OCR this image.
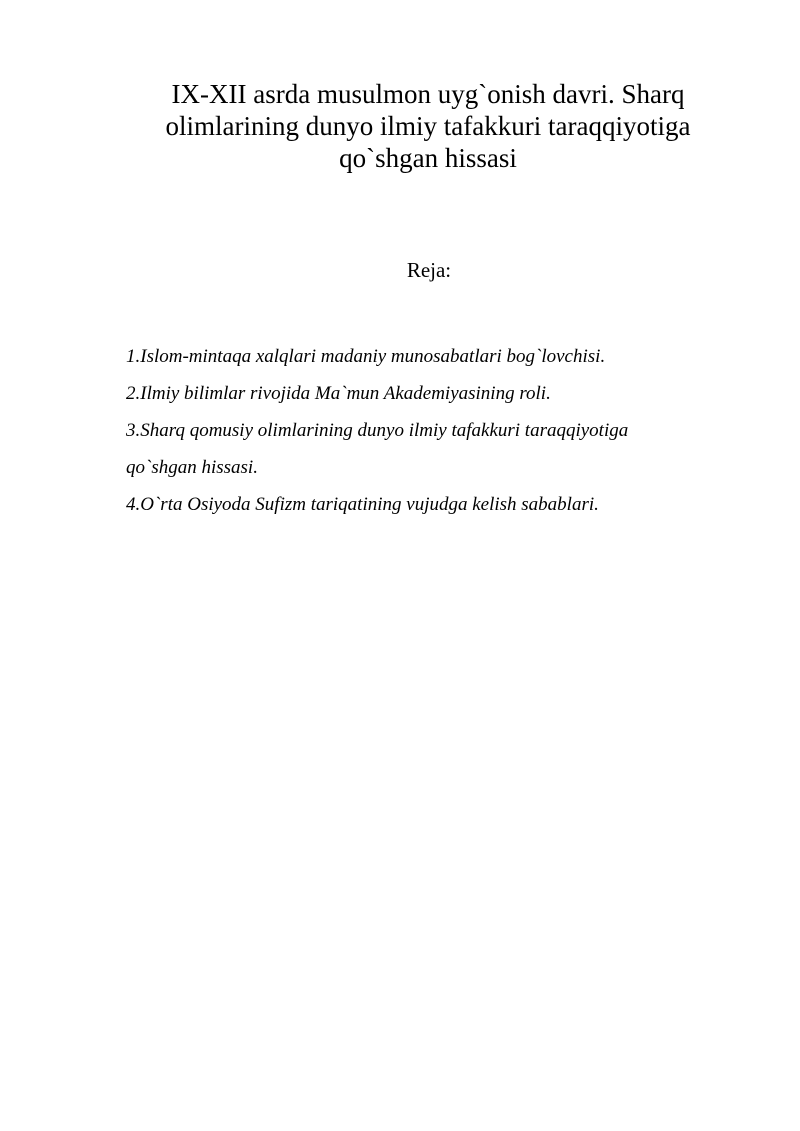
IX-XII asrda musulmon uyg`onish davri. Sharq
olimlarining dunyo ilmiy tafakkuri taraqqiyotiga
qo`shgan hissasi
Reja:
1.Islom-mintaqa xalqlari madaniy munosabatlari bog`lovchisi.
2.Ilmiy bilimlar rivojida Ma`mun Akademiyasining roli.
3.Sharq qomusiy olimlarining dunyo ilmiy tafakkuri taraqqiyotiga
qo`shgan hissasi.
4.O`rta Osiyoda Sufizm tariqatining vujudga kelish sabablari.
